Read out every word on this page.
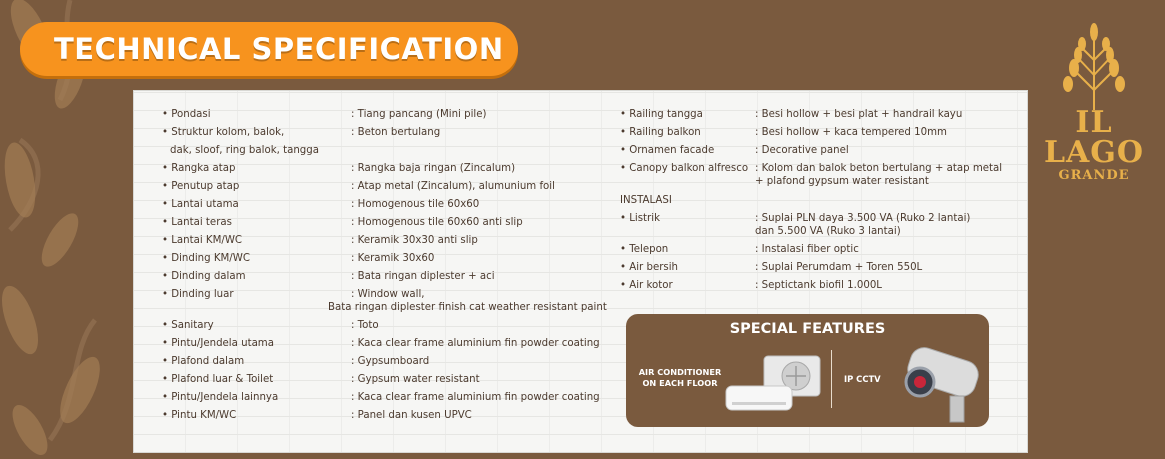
TECHNICAL SPECIFICATION
IL LAGO
GRANDE
• Pondasi	: Tiang pancang (Mini pile)
• Struktur kolom, balok,	: Beton bertulang
dak, sloof, ring balok, tangga
• Rangka atap	: Rangka baja ringan (Zincalum)
• Penutup atap	: Atap metal (Zincalum), alumunium foil
• Lantai utama	: Homogenous tile 60x60
• Lantai teras	: Homogenous tile 60x60 anti slip
• Lantai KM/WC	: Keramik 30x30 anti slip
• Dinding KM/WC	: Keramik 30x60
• Dinding dalam	: Bata ringan diplester + aci
• Dinding luar	: Window wall,
Bata ringan diplester finish cat weather resistant paint
• Sanitary	: Toto
• Pintu/Jendela utama	: Kaca clear frame aluminium fin powder coating
• Plafond dalam	: Gypsumboard
• Plafond luar & Toilet	: Gypsum water resistant
• Pintu/Jendela lainnya	: Kaca clear frame aluminium fin powder coating
• Pintu KM/WC	: Panel dan kusen UPVC
• Railing tangga	: Besi hollow + besi plat + handrail kayu
• Railing balkon	: Besi hollow + kaca tempered 10mm
• Ornamen facade	: Decorative panel
• Canopy balkon alfresco : Kolom dan balok beton bertulang + atap metal
+ plafond gypsum water resistant
INSTALASI
• Listrik	: Suplai PLN daya 3.500 VA (Ruko 2 lantai)
dan 5.500 VA (Ruko 3 lantai)
• Telepon	: Instalasi fiber optic
• Air bersih	: Suplai Perumdam + Toren 550L
• Air kotor	: Septictank biofil 1.000L
SPECIAL FEATURES
AIR CONDITIONER ON EACH FLOOR	IP CCTV
